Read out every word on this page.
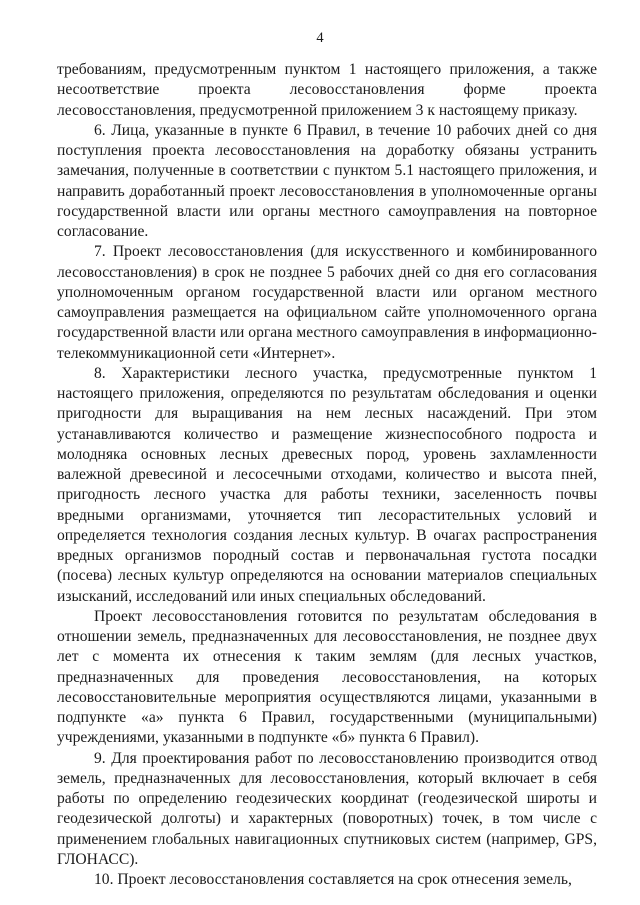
4

требованиям, предусмотренным пунктом 1 настоящего приложения, а также несоответствие проекта лесовосстановления форме проекта лесовосстановления, предусмотренной приложением 3 к настоящему приказу.

6. Лица, указанные в пункте 6 Правил, в течение 10 рабочих дней со дня поступления проекта лесовосстановления на доработку обязаны устранить замечания, полученные в соответствии с пунктом 5.1 настоящего приложения, и направить доработанный проект лесовосстановления в уполномоченные органы государственной власти или органы местного самоуправления на повторное согласование.

7. Проект лесовосстановления (для искусственного и комбинированного лесовосстановления) в срок не позднее 5 рабочих дней со дня его согласования уполномоченным органом государственной власти или органом местного самоуправления размещается на официальном сайте уполномоченного органа государственной власти или органа местного самоуправления в информационно-телекоммуникационной сети «Интернет».

8. Характеристики лесного участка, предусмотренные пунктом 1 настоящего приложения, определяются по результатам обследования и оценки пригодности для выращивания на нем лесных насаждений. При этом устанавливаются количество и размещение жизнеспособного подроста и молодняка основных лесных древесных пород, уровень захламленности валежной древесиной и лесосечными отходами, количество и высота пней, пригодность лесного участка для работы техники, заселенность почвы вредными организмами, уточняется тип лесорастительных условий и определяется технология создания лесных культур. В очагах распространения вредных организмов породный состав и первоначальная густота посадки (посева) лесных культур определяются на основании материалов специальных изысканий, исследований или иных специальных обследований.

Проект лесовосстановления готовится по результатам обследования в отношении земель, предназначенных для лесовосстановления, не позднее двух лет с момента их отнесения к таким землям (для лесных участков, предназначенных для проведения лесовосстановления, на которых лесовосстановительные мероприятия осуществляются лицами, указанными в подпункте «а» пункта 6 Правил, государственными (муниципальными) учреждениями, указанными в подпункте «б» пункта 6 Правил).

9. Для проектирования работ по лесовосстановлению производится отвод земель, предназначенных для лесовосстановления, который включает в себя работы по определению геодезических координат (геодезической широты и геодезической долготы) и характерных (поворотных) точек, в том числе с применением глобальных навигационных спутниковых систем (например, GPS, ГЛОНАСС).

10. Проект лесовосстановления составляется на срок отнесения земель,
